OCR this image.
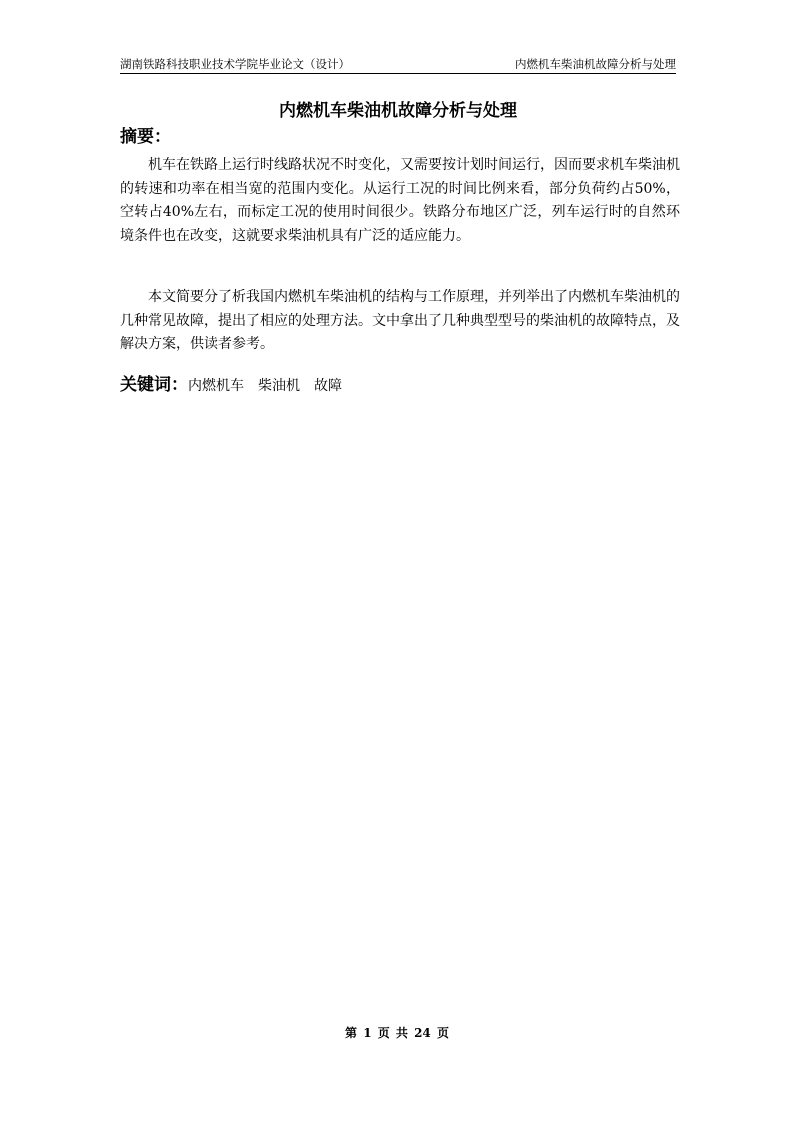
湖南铁路科技职业技术学院毕业论文（设计）	内燃机车柴油机故障分析与处理
内燃机车柴油机故障分析与处理
摘要：

机车在铁路上运行时线路状况不时变化，又需要按计划时间运行，因而要求机车柴油机的转速和功率在相当宽的范围内变化。从运行工况的时间比例来看，部分负荷约占50%，空转占40%左右，而标定工况的使用时间很少。铁路分布地区广泛，列车运行时的自然环境条件也在改变，这就要求柴油机具有广泛的适应能力。

本文简要分了析我国内燃机车柴油机的结构与工作原理，并列举出了内燃机车柴油机的几种常见故障，提出了相应的处理方法。文中拿出了几种典型型号的柴油机的故障特点，及解决方案，供读者参考。

关键词：内燃机车 柴油机 故障
第 1 页 共 24 页
